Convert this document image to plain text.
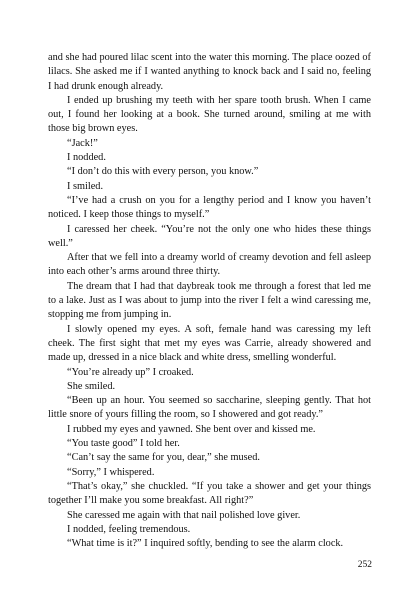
and she had poured lilac scent into the water this morning. The place oozed of lilacs. She asked me if I wanted anything to knock back and I said no, feeling I had drunk enough already.

I ended up brushing my teeth with her spare tooth brush. When I came out, I found her looking at a book. She turned around, smiling at me with those big brown eyes.

“Jack!”

I nodded.

“I don’t do this with every person, you know.”

I smiled.

“I’ve had a crush on you for a lengthy period and I know you haven’t noticed. I keep those things to myself.”

I caressed her cheek. “You’re not the only one who hides these things well.”

After that we fell into a dreamy world of creamy devotion and fell asleep into each other’s arms around three thirty.

The dream that I had that daybreak took me through a forest that led me to a lake. Just as I was about to jump into the river I felt a wind caressing me, stopping me from jumping in.

I slowly opened my eyes. A soft, female hand was caressing my left cheek. The first sight that met my eyes was Carrie, already showered and made up, dressed in a nice black and white dress, smelling wonderful.

“You’re already up” I croaked.

She smiled.

“Been up an hour. You seemed so saccharine, sleeping gently. That hot little snore of yours filling the room, so I showered and got ready.”

I rubbed my eyes and yawned. She bent over and kissed me.

“You taste good” I told her.

“Can’t say the same for you, dear,” she mused.

“Sorry,” I whispered.

“That’s okay,” she chuckled. “If you take a shower and get your things together I’ll make you some breakfast. All right?”

She caressed me again with that nail polished love giver.

I nodded, feeling tremendous.

“What time is it?” I inquired softly, bending to see the alarm clock.

252
